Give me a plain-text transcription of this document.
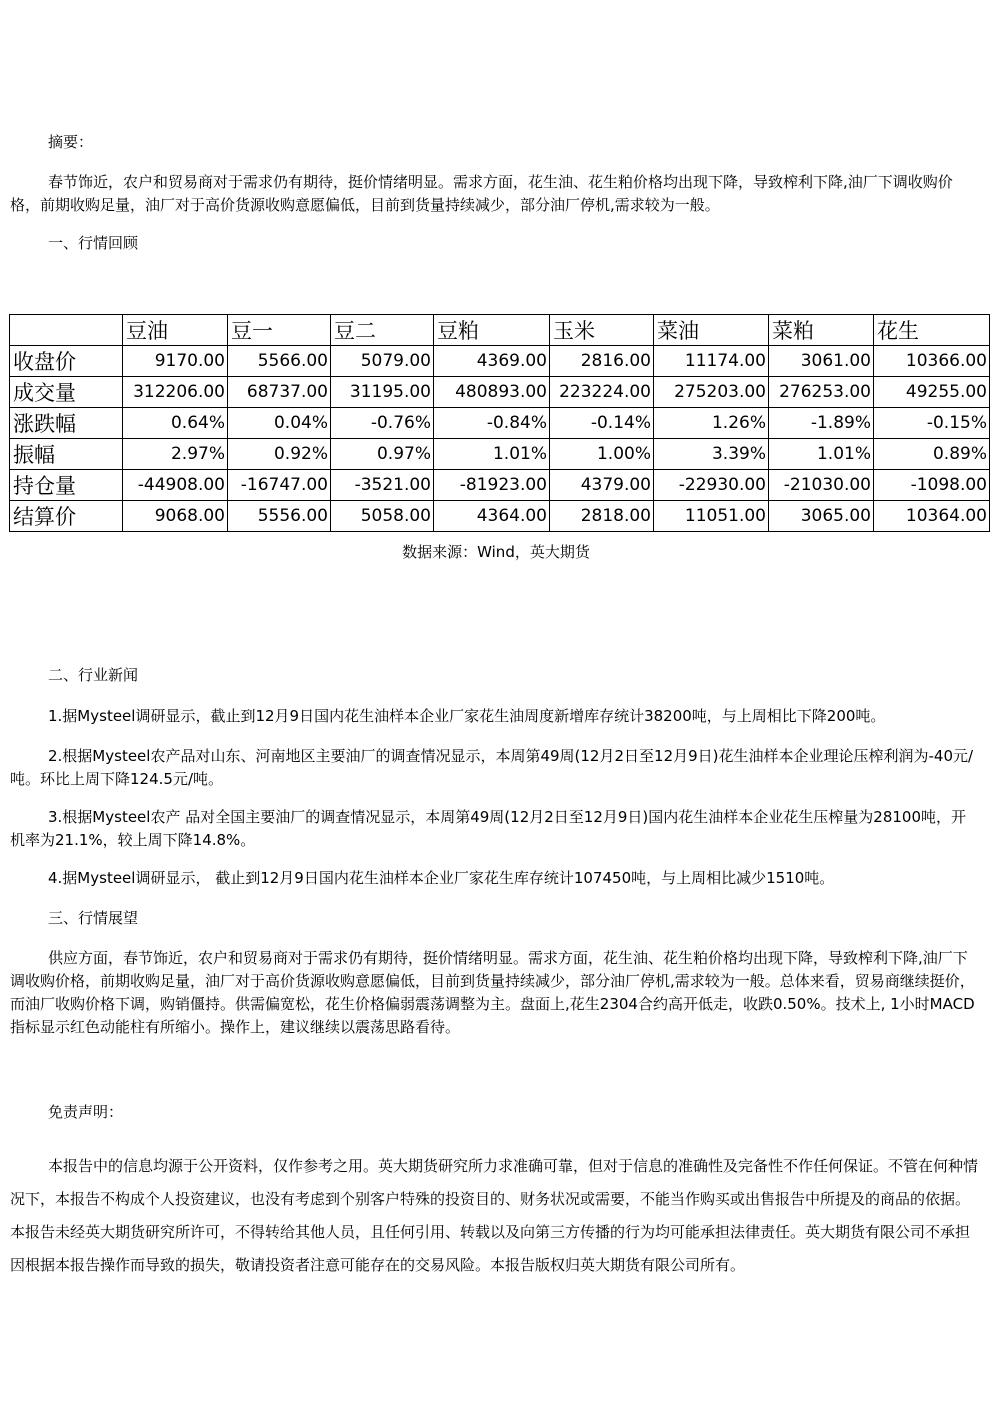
摘要：
春节饰近，农户和贸易商对于需求仍有期待，挺价情绪明显。需求方面，花生油、花生粕价格均出现下降，导致榨利下降,油厂下调收购价格，前期收购足量，油厂对于高价货源收购意愿偏低，目前到货量持续减少，部分油厂停机,需求较为一般。
一、行情回顾
	豆油	豆一	豆二	豆粕	玉米	菜油	菜粕	花生
收盘价	9170.00	5566.00	5079.00	4369.00	2816.00	11174.00	3061.00	10366.00
成交量	312206.00	68737.00	31195.00	480893.00	223224.00	275203.00	276253.00	49255.00
涨跌幅	0.64%	0.04%	-0.76%	-0.84%	-0.14%	1.26%	-1.89%	-0.15%
振幅	2.97%	0.92%	0.97%	1.01%	1.00%	3.39%	1.01%	0.89%
持仓量	-44908.00	-16747.00	-3521.00	-81923.00	4379.00	-22930.00	-21030.00	-1098.00
结算价	9068.00	5556.00	5058.00	4364.00	2818.00	11051.00	3065.00	10364.00
数据来源：Wind，英大期货
二、行业新闻
1.据Mysteel调研显示，截止到12月9日国内花生油样本企业厂家花生油周度新增库存统计38200吨，与上周相比下降200吨。
2.根据Mysteel农产品对山东、河南地区主要油厂的调查情况显示，本周第49周(12月2日至12月9日)花生油样本企业理论压榨利润为-40元/吨。环比上周下降124.5元/吨。
3.根据Mysteel农产 品对全国主要油厂的调查情况显示，本周第49周(12月2日至12月9日)国内花生油样本企业花生压榨量为28100吨，开机率为21.1%，较上周下降14.8%。
4.据Mysteel调研显示， 截止到12月9日国内花生油样本企业厂家花生库存统计107450吨，与上周相比减少1510吨。
三、行情展望
供应方面，春节饰近，农户和贸易商对于需求仍有期待，挺价情绪明显。需求方面，花生油、花生粕价格均出现下降，导致榨利下降,油厂下调收购价格，前期收购足量，油厂对于高价货源收购意愿偏低，目前到货量持续减少，部分油厂停机,需求较为一般。总体来看，贸易商继续挺价，而油厂收购价格下调，购销僵持。供需偏宽松，花生价格偏弱震荡调整为主。盘面上,花生2304合约高开低走，收跌0.50%。技术上, 1小时MACD指标显示红色动能柱有所缩小。操作上，建议继续以震荡思路看待。
免责声明：
本报告中的信息均源于公开资料，仅作参考之用。英大期货研究所力求准确可靠，但对于信息的准确性及完备性不作任何保证。不管在何种情况下，本报告不构成个人投资建议，也没有考虑到个别客户特殊的投资目的、财务状况或需要，不能当作购买或出售报告中所提及的商品的依据。本报告未经英大期货研究所许可，不得转给其他人员，且任何引用、转载以及向第三方传播的行为均可能承担法律责任。英大期货有限公司不承担因根据本报告操作而导致的损失，敬请投资者注意可能存在的交易风险。本报告版权归英大期货有限公司所有。
